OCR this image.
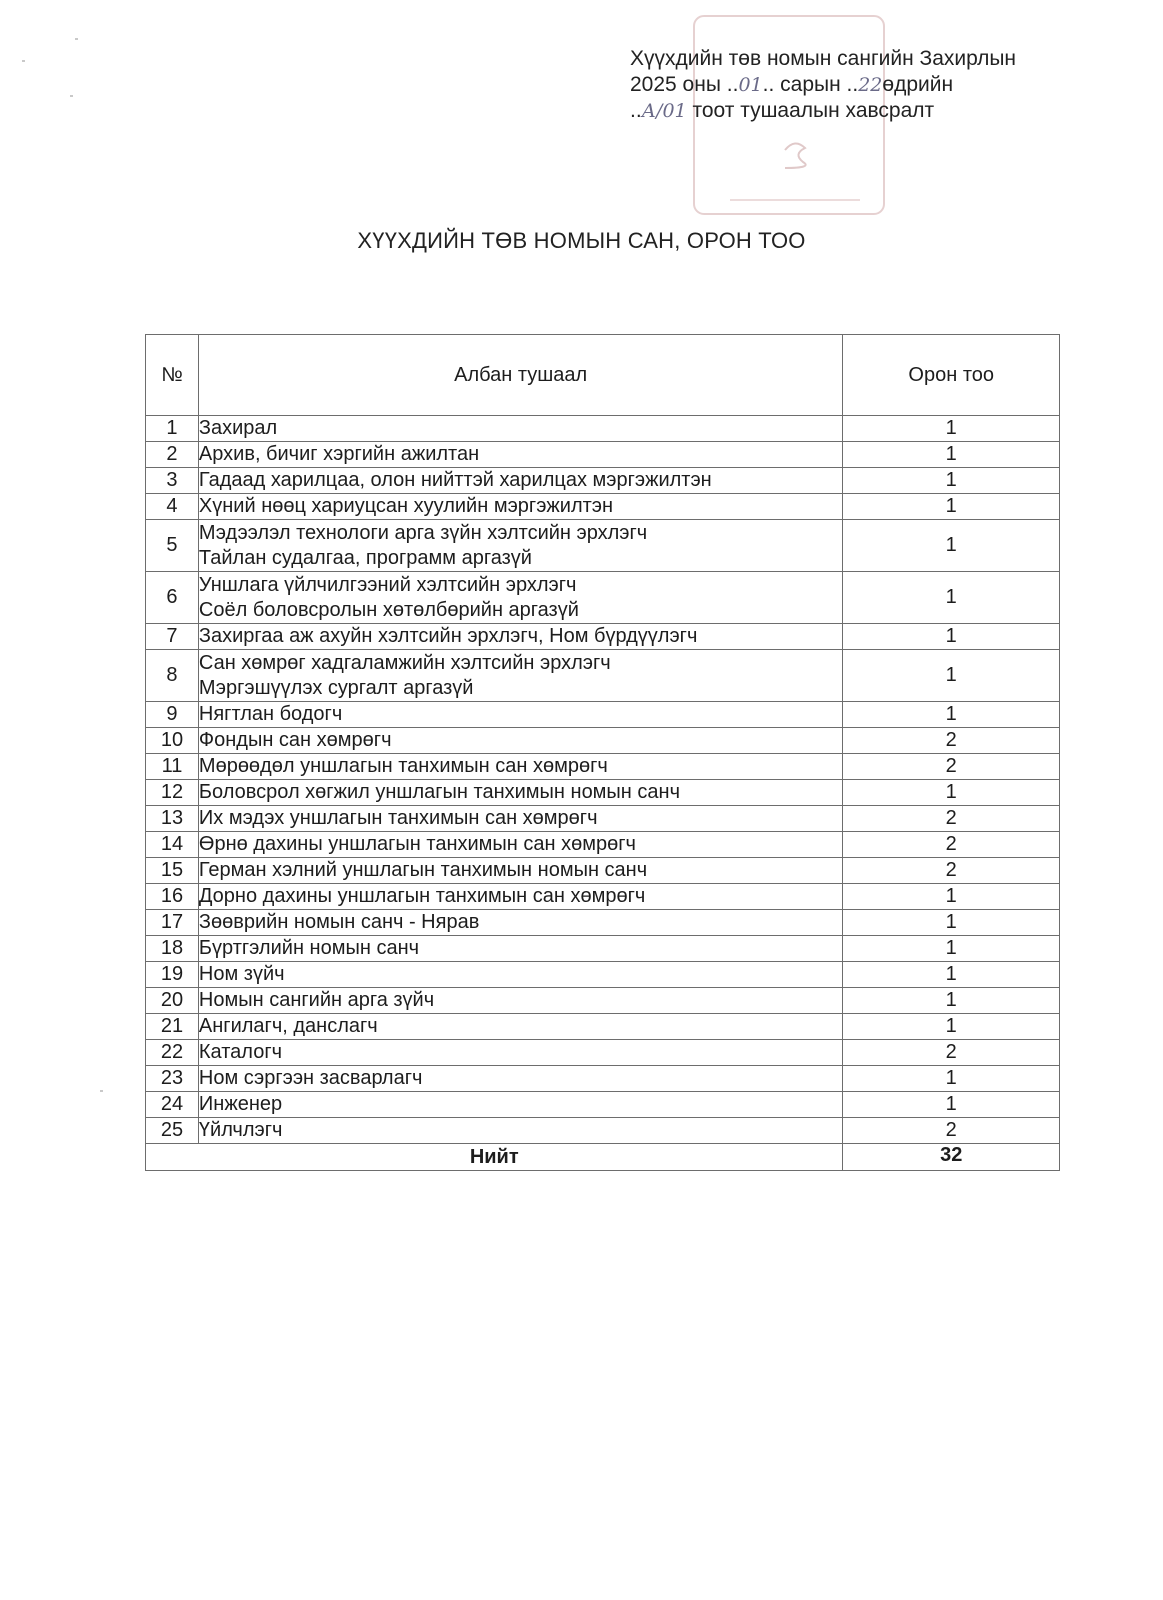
Хүүхдийн төв номын сангийн Захирлын
2025 оны ..01.. сарын ..22өдрийн
..А/01 тоот тушаалын хавсралт
ХҮҮХДИЙН ТӨВ НОМЫН САН, ОРОН ТОО
№	Албан тушаал	Орон тоо
1	Захирал	1
2	Архив, бичиг хэргийн ажилтан	1
3	Гадаад харилцаа, олон нийттэй харилцах мэргэжилтэн	1
4	Хүний нөөц хариуцсан хуулийн мэргэжилтэн	1
5	Мэдээлэл технологи арга зүйн хэлтсийн эрхлэгч
Тайлан судалгаа, программ аргазүй	1
6	Уншлага үйлчилгээний хэлтсийн эрхлэгч
Соёл боловсролын хөтөлбөрийн аргазүй	1
7	Захиргаа аж ахуйн хэлтсийн эрхлэгч, Ном бүрдүүлэгч	1
8	Сан хөмрөг хадгаламжийн хэлтсийн эрхлэгч
Мэргэшүүлэх сургалт аргазүй	1
9	Нягтлан бодогч	1
10	Фондын сан хөмрөгч	2
11	Мөрөөдөл уншлагын танхимын сан хөмрөгч	2
12	Боловсрол хөгжил уншлагын танхимын номын санч	1
13	Их мэдэх уншлагын танхимын сан хөмрөгч	2
14	Өрнө дахины уншлагын танхимын сан хөмрөгч	2
15	Герман хэлний уншлагын танхимын номын санч	2
16	Дорно дахины уншлагын танхимын сан хөмрөгч	1
17	Зөөврийн номын санч - Нярав	1
18	Бүртгэлийн номын санч	1
19	Ном зүйч	1
20	Номын сангийн арга зүйч	1
21	Ангилагч, данслагч	1
22	Каталогч	2
23	Ном сэргээн засварлагч	1
24	Инженер	1
25	Үйлчлэгч	2
Нийт		32
